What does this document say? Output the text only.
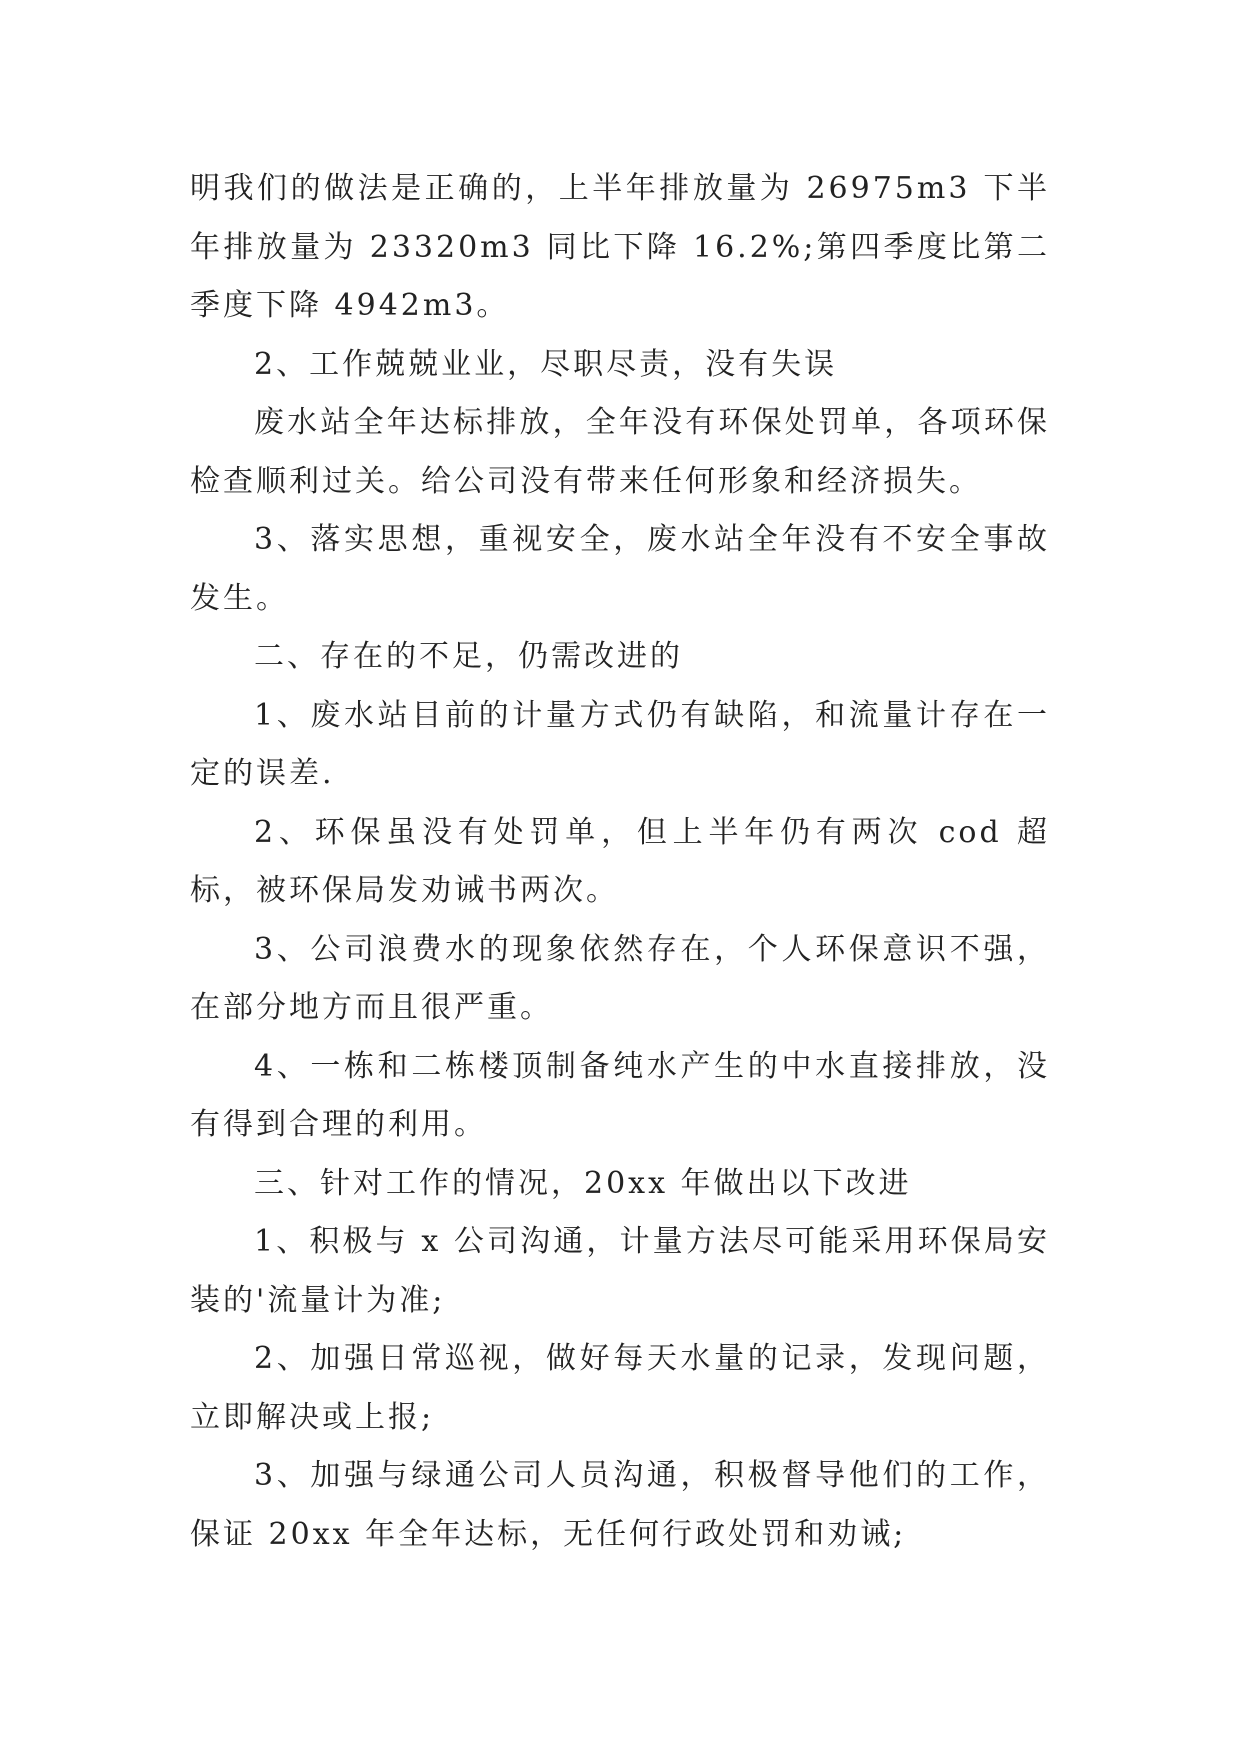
明我们的做法是正确的，上半年排放量为 26975m3 下半年排放量为 23320m3 同比下降 16.2%;第四季度比第二季度下降 4942m3。

2、工作兢兢业业，尽职尽责，没有失误

废水站全年达标排放，全年没有环保处罚单，各项环保检查顺利过关。给公司没有带来任何形象和经济损失。

3、落实思想，重视安全，废水站全年没有不安全事故发生。

二、存在的不足，仍需改进的

1、废水站目前的计量方式仍有缺陷，和流量计存在一定的误差.

2、环保虽没有处罚单，但上半年仍有两次 cod 超标，被环保局发劝诫书两次。

3、公司浪费水的现象依然存在，个人环保意识不强，在部分地方而且很严重。

4、一栋和二栋楼顶制备纯水产生的中水直接排放，没有得到合理的利用。

三、针对工作的情况，20xx 年做出以下改进

1、积极与 x 公司沟通，计量方法尽可能采用环保局安装的'流量计为准;

2、加强日常巡视，做好每天水量的记录，发现问题，立即解决或上报;

3、加强与绿通公司人员沟通，积极督导他们的工作，保证 20xx 年全年达标，无任何行政处罚和劝诫;
